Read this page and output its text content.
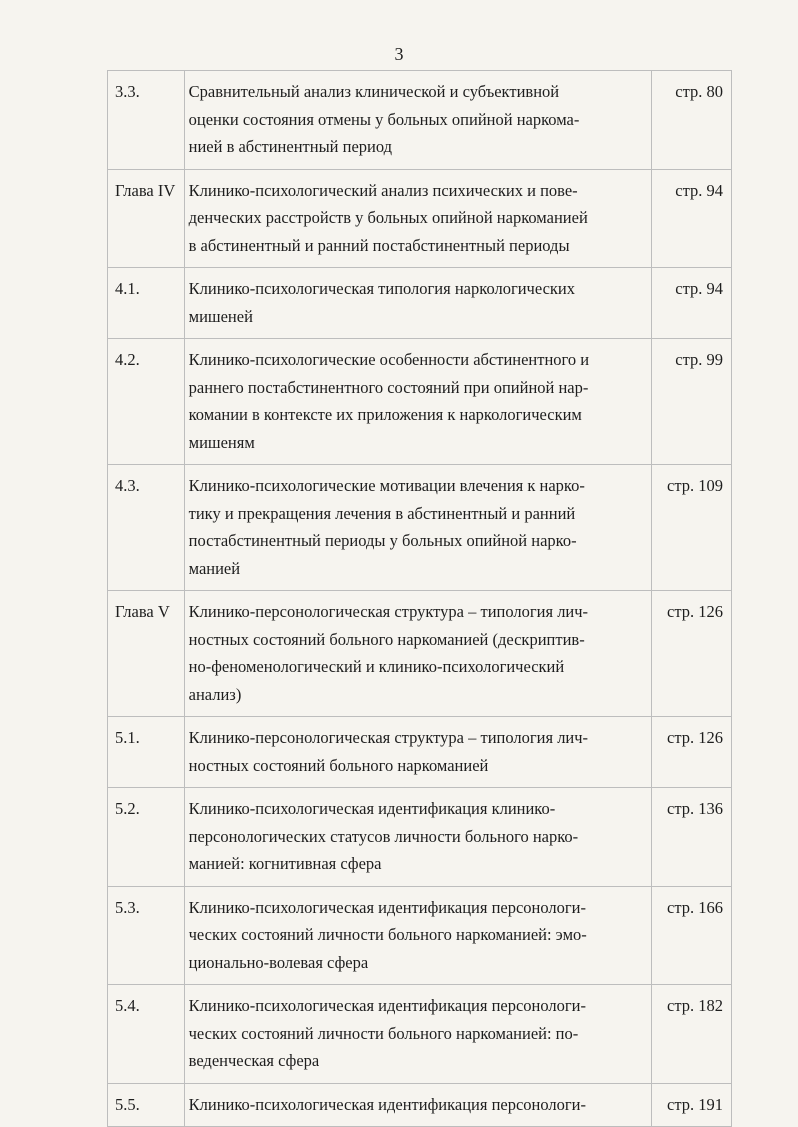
3
3.3.	Сравнительный анализ клинической и субъективной
оценки состояния отмены у больных опийной наркома-
нией в абстинентный период	стр. 80
Глава IV	Клинико-психологический анализ психических и пове-
денческих расстройств у больных опийной наркоманией
в абстинентный и ранний постабстинентный периоды	стр. 94
4.1.	Клинико-психологическая типология наркологических
мишеней	стр. 94
4.2.	Клинико-психологические особенности абстинентного и
раннего постабстинентного состояний при опийной нар-
комании в контексте их приложения к наркологическим
мишеням	стр. 99
4.3.	Клинико-психологические мотивации влечения к нарко-
тику и прекращения лечения в абстинентный и ранний
постабстинентный периоды у больных опийной нарко-
манией	стр. 109
Глава V	Клинико-персонологическая структура – типология лич-
ностных состояний больного наркоманией (дескриптив-
но-феноменологический и клинико-психологический
анализ)	стр. 126
5.1.	Клинико-персонологическая структура – типология лич-
ностных состояний больного наркоманией	стр. 126
5.2.	Клинико-психологическая идентификация клинико-
персонологических статусов личности больного нарко-
манией: когнитивная сфера	стр. 136
5.3.	Клинико-психологическая идентификация персонологи-
ческих состояний личности больного наркоманией: эмо-
ционально-волевая сфера	стр. 166
5.4.	Клинико-психологическая идентификация персонологи-
ческих состояний личности больного наркоманией: по-
веденческая сфера	стр. 182
5.5.	Клинико-психологическая идентификация персонологи-	стр. 191
